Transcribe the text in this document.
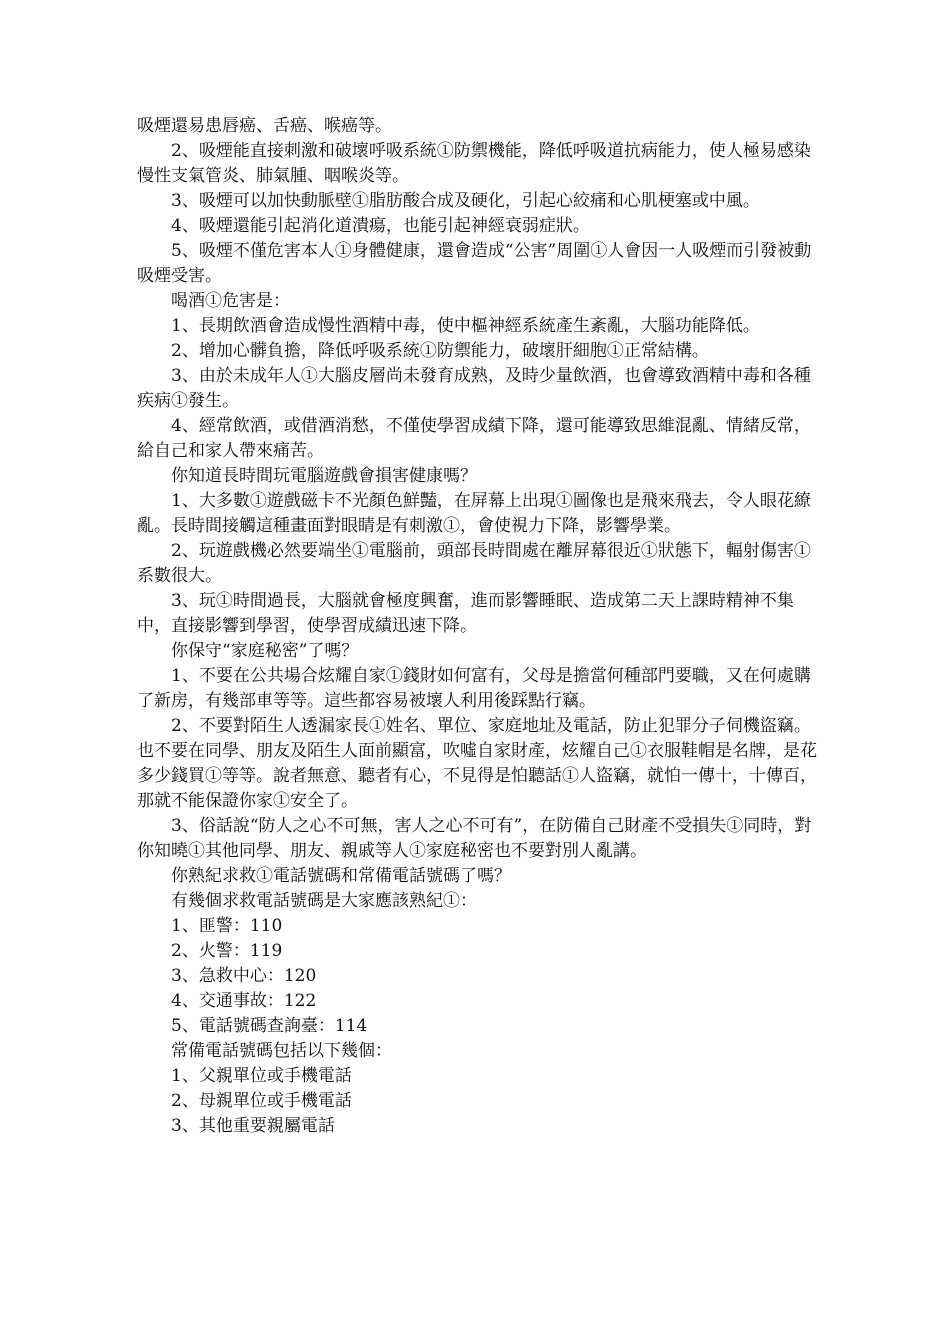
吸煙還易患唇癌、舌癌、喉癌等。

2、吸煙能直接刺激和破壞呼吸系統①防禦機能，降低呼吸道抗病能力，使人極易感染慢性支氣管炎、肺氣腫、咽喉炎等。

3、吸煙可以加快動脈壁①脂肪酸合成及硬化，引起心絞痛和心肌梗塞或中風。

4、吸煙還能引起消化道潰瘍，也能引起神經衰弱症狀。

5、吸煙不僅危害本人①身體健康，還會造成“公害”周圍①人會因一人吸煙而引發被動吸煙受害。

喝酒①危害是：

1、長期飲酒會造成慢性酒精中毒，使中樞神經系統產生紊亂，大腦功能降低。

2、增加心髒負擔，降低呼吸系統①防禦能力，破壞肝細胞①正常結構。

3、由於未成年人①大腦皮層尚未發育成熟，及時少量飲酒，也會導致酒精中毒和各種疾病①發生。

4、經常飲酒，或借酒消愁，不僅使學習成績下降，還可能導致思維混亂、情緒反常，給自己和家人帶來痛苦。

你知道長時間玩電腦遊戲會損害健康嗎？

1、大多數①遊戲磁卡不光顏色鮮豔，在屏幕上出現①圖像也是飛來飛去，令人眼花繚亂。長時間接觸這種畫面對眼睛是有刺激①，會使視力下降，影響學業。

2、玩遊戲機必然要端坐①電腦前，頭部長時間處在離屏幕很近①狀態下，輻射傷害①系數很大。

3、玩①時間過長，大腦就會極度興奮，進而影響睡眠、造成第二天上課時精神不集中，直接影響到學習，使學習成績迅速下降。

你保守“家庭秘密”了嗎？

1、不要在公共場合炫耀自家①錢財如何富有，父母是擔當何種部門要職，又在何處購了新房，有幾部車等等。這些都容易被壞人利用後踩點行竊。

2、不要對陌生人透漏家長①姓名、單位、家庭地址及電話，防止犯罪分子伺機盜竊。也不要在同學、朋友及陌生人面前顯富，吹噓自家財產，炫耀自己①衣服鞋帽是名牌，是花多少錢買①等等。說者無意、聽者有心，不見得是怕聽話①人盜竊，就怕一傳十，十傳百，那就不能保證你家①安全了。

3、俗話說“防人之心不可無，害人之心不可有”，在防備自己財產不受損失①同時，對你知曉①其他同學、朋友、親戚等人①家庭秘密也不要對別人亂講。

你熟紀求救①電話號碼和常備電話號碼了嗎？

有幾個求救電話號碼是大家應該熟紀①：

1、匪警：110

2、火警：119

3、急救中心：120

4、交通事故：122

5、電話號碼查詢臺：114

常備電話號碼包括以下幾個：

1、父親單位或手機電話

2、母親單位或手機電話

3、其他重要親屬電話
